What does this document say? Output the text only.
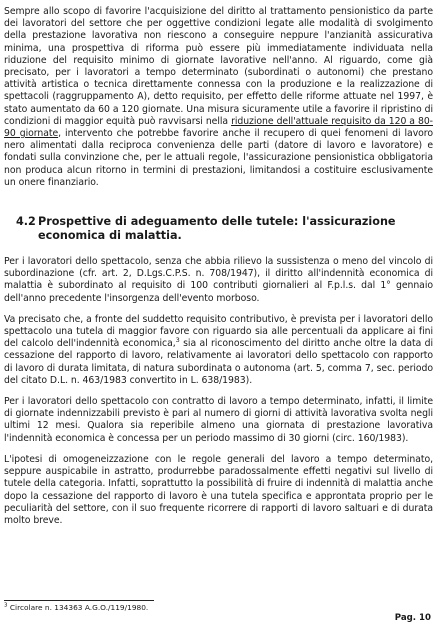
Sempre allo scopo di favorire l'acquisizione del diritto al trattamento pensionistico da parte dei lavoratori del settore che per oggettive condizioni legate alle modalità di svolgimento della prestazione lavorativa non riescono a conseguire neppure l'anzianità assicurativa minima, una prospettiva di riforma può essere più immediatamente individuata nella riduzione del requisito minimo di giornate lavorative nell'anno. Al riguardo, come già precisato, per i lavoratori a tempo determinato (subordinati o autonomi) che prestano attività artistica o tecnica direttamente connessa con la produzione e la realizzazione di spettacoli (raggruppamento A), detto requisito, per effetto delle riforme attuate nel 1997, è stato aumentato da 60 a 120 giornate. Una misura sicuramente utile a favorire il ripristino di condizioni di maggior equità può ravvisarsi nella riduzione dell'attuale requisito da 120 a 80-90 giornate, intervento che potrebbe favorire anche il recupero di quei fenomeni di lavoro nero alimentati dalla reciproca convenienza delle parti (datore di lavoro e lavoratore) e fondati sulla convinzione che, per le attuali regole, l'assicurazione pensionistica obbligatoria non produca alcun ritorno in termini di prestazioni, limitandosi a costituire esclusivamente un onere finanziario.

4.2 Prospettive di adeguamento delle tutele: l'assicurazione economica di malattia.

Per i lavoratori dello spettacolo, senza che abbia rilievo la sussistenza o meno del vincolo di subordinazione (cfr. art. 2, D.Lgs.C.P.S. n. 708/1947), il diritto all'indennità economica di malattia è subordinato al requisito di 100 contributi giornalieri al F.p.l.s. dal 1° gennaio dell'anno precedente l'insorgenza dell'evento morboso.

Va precisato che, a fronte del suddetto requisito contributivo, è prevista per i lavoratori dello spettacolo una tutela di maggior favore con riguardo sia alle percentuali da applicare ai fini del calcolo dell'indennità economica,$^3$ sia al riconoscimento del diritto anche oltre la data di cessazione del rapporto di lavoro, relativamente ai lavoratori dello spettacolo con rapporto di lavoro di durata limitata, di natura subordinata o autonoma (art. 5, comma 7, sec. periodo del citato D.L. n. 463/1983 convertito in L. 638/1983).

Per i lavoratori dello spettacolo con contratto di lavoro a tempo determinato, infatti, il limite di giornate indennizzabili previsto è pari al numero di giorni di attività lavorativa svolta negli ultimi 12 mesi. Qualora sia reperibile almeno una giornata di prestazione lavorativa l'indennità economica è concessa per un periodo massimo di 30 giorni (circ. 160/1983).

L'ipotesi di omogeneizzazione con le regole generali del lavoro a tempo determinato, seppure auspicabile in astratto, produrrebbe paradossalmente effetti negativi sul livello di tutele della categoria. Infatti, soprattutto la possibilità di fruire di indennità di malattia anche dopo la cessazione del rapporto di lavoro è una tutela specifica e approntata proprio per le peculiarità del settore, con il suo frequente ricorrere di rapporti di lavoro saltuari e di durata molto breve.

$^3$ Circolare n. 134363 A.G.O./119/1980.
Pag. 10
